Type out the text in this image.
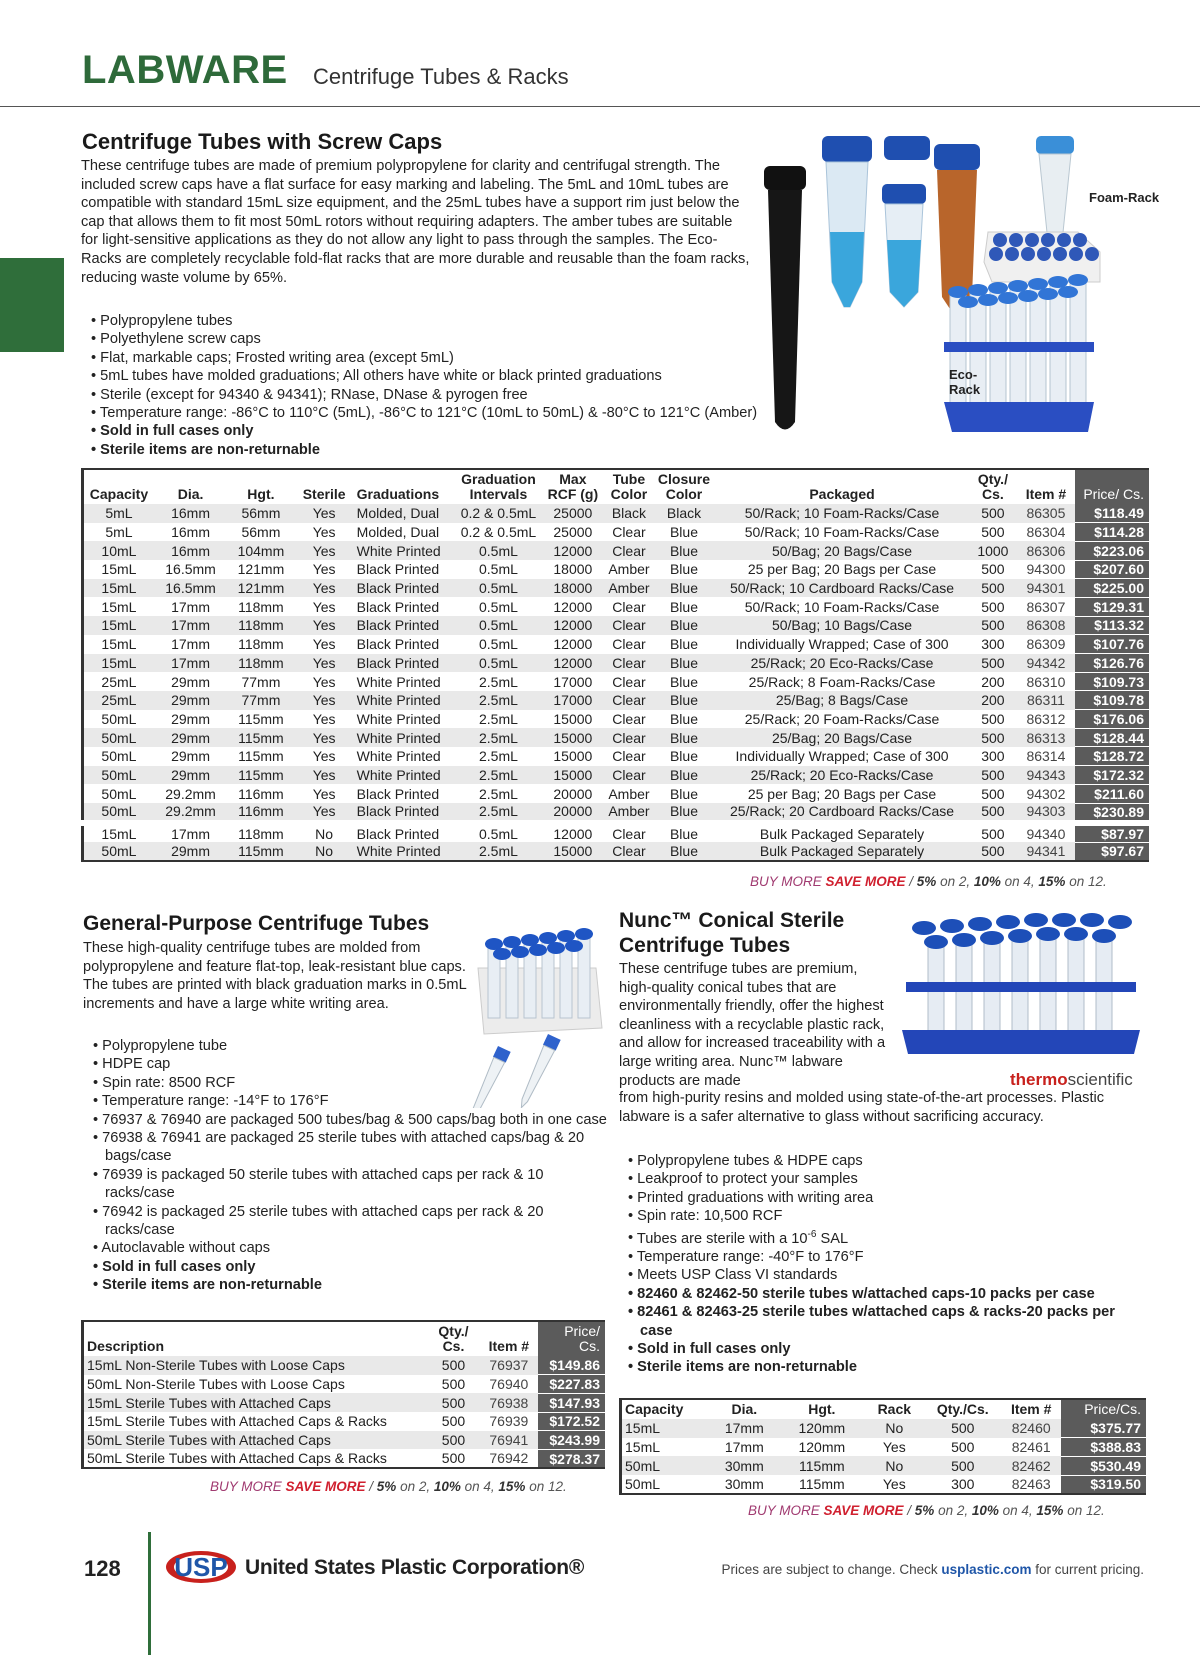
LABWARE Centrifuge Tubes & Racks
Centrifuge Tubes with Screw Caps
These centrifuge tubes are made of premium polypropylene for clarity and centrifugal strength. The included screw caps have a flat surface for easy marking and labeling. The 5mL and 10mL tubes are compatible with standard 15mL size equipment, and the 25mL tubes have a support rim just below the cap that allows them to fit most 50mL rotors without requiring adapters. The amber tubes are suitable for light-sensitive applications as they do not allow any light to pass through the samples. The Eco-Racks are completely recyclable fold-flat racks that are more durable and reusable than the foam racks, reducing waste volume by 65%.
• Polypropylene tubes
• Polyethylene screw caps
• Flat, markable caps; Frosted writing area (except 5mL)
• 5mL tubes have molded graduations; All others have white or black printed graduations
• Sterile (except for 94340 & 94341); RNase, DNase & pyrogen free
• Temperature range: -86°C to 110°C (5mL), -86°C to 121°C (10mL to 50mL) & -80°C to 121°C (Amber)
• Sold in full cases only
• Sterile items are non-returnable
Foam-Rack
Eco-Rack
Capacity	Dia.	Hgt.	Sterile	Graduations	Graduation Intervals	Max RCF (g)	Tube Color	Closure Color	Packaged	Qty./ Cs.	Item #	Price/ Cs.
5mL	16mm	56mm	Yes	Molded, Dual	0.2 & 0.5mL	25000	Black	Black	50/Rack; 10 Foam-Racks/Case	500	86305	$118.49
5mL	16mm	56mm	Yes	Molded, Dual	0.2 & 0.5mL	25000	Clear	Blue	50/Rack; 10 Foam-Racks/Case	500	86304	$114.28
10mL	16mm	104mm	Yes	White Printed	0.5mL	12000	Clear	Blue	50/Bag; 20 Bags/Case	1000	86306	$223.06
15mL	16.5mm	121mm	Yes	Black Printed	0.5mL	18000	Amber	Blue	25 per Bag; 20 Bags per Case	500	94300	$207.60
15mL	16.5mm	121mm	Yes	Black Printed	0.5mL	18000	Amber	Blue	50/Rack; 10 Cardboard Racks/Case	500	94301	$225.00
15mL	17mm	118mm	Yes	Black Printed	0.5mL	12000	Clear	Blue	50/Rack; 10 Foam-Racks/Case	500	86307	$129.31
15mL	17mm	118mm	Yes	Black Printed	0.5mL	12000	Clear	Blue	50/Bag; 10 Bags/Case	500	86308	$113.32
15mL	17mm	118mm	Yes	Black Printed	0.5mL	12000	Clear	Blue	Individually Wrapped; Case of 300	300	86309	$107.76
15mL	17mm	118mm	Yes	Black Printed	0.5mL	12000	Clear	Blue	25/Rack; 20 Eco-Racks/Case	500	94342	$126.76
25mL	29mm	77mm	Yes	White Printed	2.5mL	17000	Clear	Blue	25/Rack; 8 Foam-Racks/Case	200	86310	$109.73
25mL	29mm	77mm	Yes	White Printed	2.5mL	17000	Clear	Blue	25/Bag; 8 Bags/Case	200	86311	$109.78
50mL	29mm	115mm	Yes	White Printed	2.5mL	15000	Clear	Blue	25/Rack; 20 Foam-Racks/Case	500	86312	$176.06
50mL	29mm	115mm	Yes	White Printed	2.5mL	15000	Clear	Blue	25/Bag; 20 Bags/Case	500	86313	$128.44
50mL	29mm	115mm	Yes	White Printed	2.5mL	15000	Clear	Blue	Individually Wrapped; Case of 300	300	86314	$128.72
50mL	29mm	115mm	Yes	White Printed	2.5mL	15000	Clear	Blue	25/Rack; 20 Eco-Racks/Case	500	94343	$172.32
50mL	29.2mm	116mm	Yes	Black Printed	2.5mL	20000	Amber	Blue	25 per Bag; 20 Bags per Case	500	94302	$211.60
50mL	29.2mm	116mm	Yes	Black Printed	2.5mL	20000	Amber	Blue	25/Rack; 20 Cardboard Racks/Case	500	94303	$230.89
15mL	17mm	118mm	No	Black Printed	0.5mL	12000	Clear	Blue	Bulk Packaged Separately	500	94340	$87.97
50mL	29mm	115mm	No	White Printed	2.5mL	15000	Clear	Blue	Bulk Packaged Separately	500	94341	$97.67
BUY MORE SAVE MORE / 5% on 2, 10% on 4, 15% on 12.
General-Purpose Centrifuge Tubes
These high-quality centrifuge tubes are molded from polypropylene and feature flat-top, leak-resistant blue caps. The tubes are printed with black graduation marks in 0.5mL increments and have a large white writing area.
• Polypropylene tube
• HDPE cap
• Spin rate: 8500 RCF
• Temperature range: -14°F to 176°F
• 76937 & 76940 are packaged 500 tubes/bag & 500 caps/bag both in one case
• 76938 & 76941 are packaged 25 sterile tubes with attached caps/bag & 20 bags/case
• 76939 is packaged 50 sterile tubes with attached caps per rack & 10 racks/case
• 76942 is packaged 25 sterile tubes with attached caps per rack & 20 racks/case
• Autoclavable without caps
• Sold in full cases only
• Sterile items are non-returnable
Description	Qty./ Cs.	Item #	Price/ Cs.
15mL Non-Sterile Tubes with Loose Caps	500	76937	$149.86
50mL Non-Sterile Tubes with Loose Caps	500	76940	$227.83
15mL Sterile Tubes with Attached Caps	500	76938	$147.93
15mL Sterile Tubes with Attached Caps & Racks	500	76939	$172.52
50mL Sterile Tubes with Attached Caps	500	76941	$243.99
50mL Sterile Tubes with Attached Caps & Racks	500	76942	$278.37
BUY MORE SAVE MORE / 5% on 2, 10% on 4, 15% on 12.
Nunc™ Conical Sterile
Centrifuge Tubes
These centrifuge tubes are premium, high-quality conical tubes that are environmentally friendly, offer the highest cleanliness with a recyclable plastic rack, and allow for increased traceability with a large writing area. Nunc™ labware products are made
from high-purity resins and molded using state-of-the-art processes. Plastic labware is a safer alternative to glass without sacrificing accuracy.
thermoscientific
• Polypropylene tubes & HDPE caps
• Leakproof to protect your samples
• Printed graduations with writing area
• Spin rate: 10,500 RCF
• Tubes are sterile with a $10^{-6}$ SAL
• Temperature range: -40°F to 176°F
• Meets USP Class VI standards
• 82460 & 82462-50 sterile tubes w/attached caps-10 packs per case
• 82461 & 82463-25 sterile tubes w/attached caps & racks-20 packs per case
• Sold in full cases only
• Sterile items are non-returnable
Capacity	Dia.	Hgt.	Rack	Qty./Cs.	Item #	Price/Cs.
15mL	17mm	120mm	No	500	82460	$375.77
15mL	17mm	120mm	Yes	500	82461	$388.83
50mL	30mm	115mm	No	500	82462	$530.49
50mL	30mm	115mm	Yes	300	82463	$319.50
BUY MORE SAVE MORE / 5% on 2, 10% on 4, 15% on 12.
128 USP United States Plastic Corporation®	Prices are subject to change. Check usplastic.com for current pricing.
